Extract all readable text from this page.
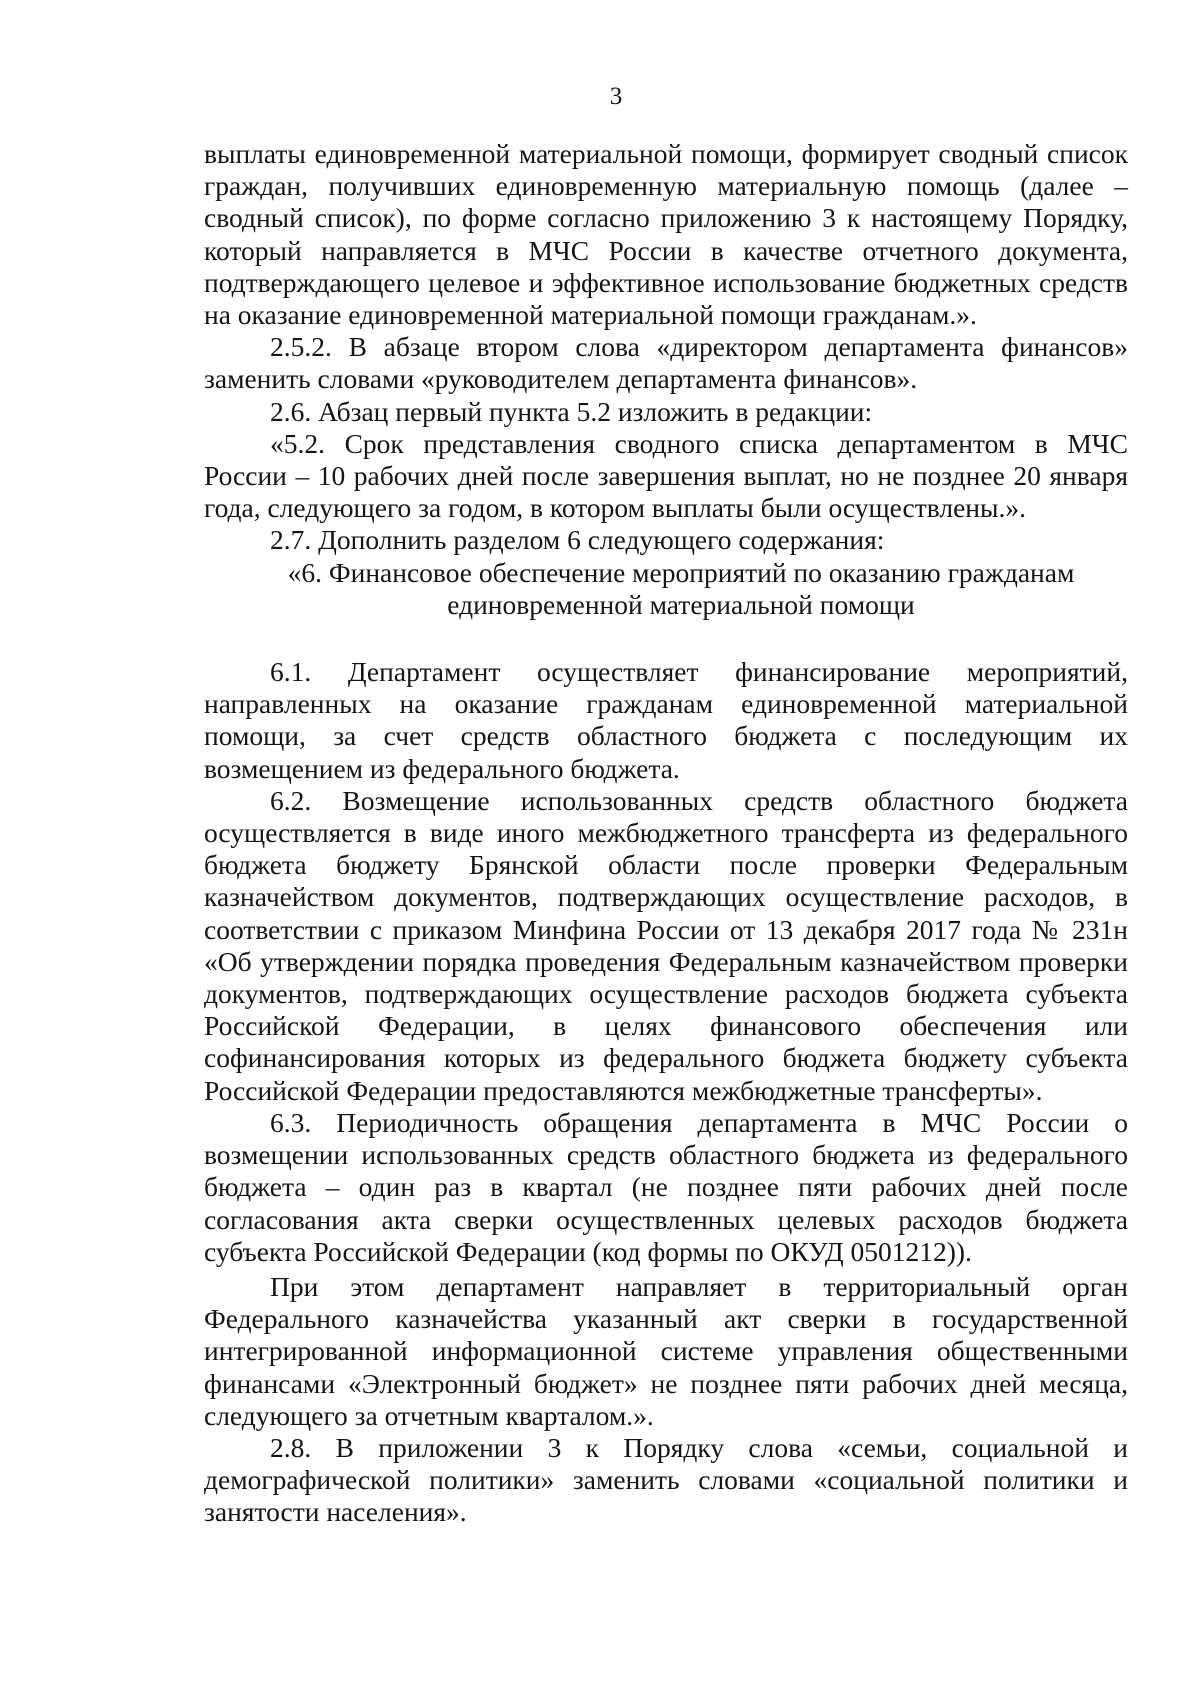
3

выплаты единовременной материальной помощи, формирует сводный список граждан, получивших единовременную материальную помощь (далее – сводный список), по форме согласно приложению 3 к настоящему Порядку, который направляется в МЧС России в качестве отчетного документа, подтверждающего целевое и эффективное использование бюджетных средств на оказание единовременной материальной помощи гражданам.».

2.5.2. В абзаце втором слова «директором департамента финансов» заменить словами «руководителем департамента финансов».

2.6. Абзац первый пункта 5.2 изложить в редакции:

«5.2. Срок представления сводного списка департаментом в МЧС России – 10 рабочих дней после завершения выплат, но не позднее 20 января года, следующего за годом, в котором выплаты были осуществлены.».

2.7. Дополнить разделом 6 следующего содержания:

«6. Финансовое обеспечение мероприятий по оказанию гражданам единовременной материальной помощи

6.1. Департамент осуществляет финансирование мероприятий, направленных на оказание гражданам единовременной материальной помощи, за счет средств областного бюджета с последующим их возмещением из федерального бюджета.

6.2. Возмещение использованных средств областного бюджета осуществляется в виде иного межбюджетного трансферта из федерального бюджета бюджету Брянской области после проверки Федеральным казначейством документов, подтверждающих осуществление расходов, в соответствии с приказом Минфина России от 13 декабря 2017 года № 231н «Об утверждении порядка проведения Федеральным казначейством проверки документов, подтверждающих осуществление расходов бюджета субъекта Российской Федерации, в целях финансового обеспечения или софинансирования которых из федерального бюджета бюджету субъекта Российской Федерации предоставляются межбюджетные трансферты».

6.3. Периодичность обращения департамента в МЧС России о возмещении использованных средств областного бюджета из федерального бюджета – один раз в квартал (не позднее пяти рабочих дней после согласования акта сверки осуществленных целевых расходов бюджета субъекта Российской Федерации (код формы по ОКУД 0501212)).

При этом департамент направляет в территориальный орган Федерального казначейства указанный акт сверки в государственной интегрированной информационной системе управления общественными финансами «Электронный бюджет» не позднее пяти рабочих дней месяца, следующего за отчетным кварталом.».

2.8. В приложении 3 к Порядку слова «семьи, социальной и демографической политики» заменить словами «социальной политики и занятости населения».
